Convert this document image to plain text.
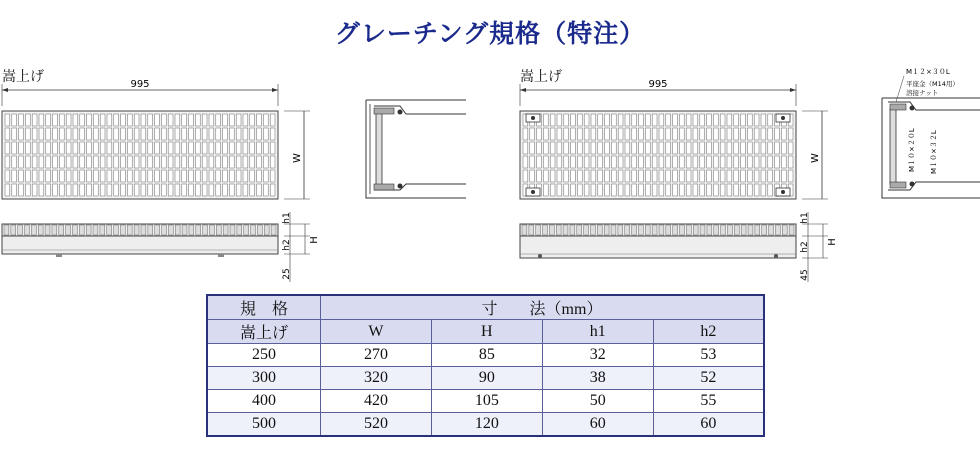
グレーチング規格（特注）
嵩上げ	995
W
h1
h2 H
25
嵩上げ	995
W
h1
h2 H
45
M１２×３０L
平座金（M14用）
溶接ナット
M１０×２０L M１０×３２L
規　格	寸　　法（mm）			
嵩上げ	W	H	h1	h2
250	270	85	32	53
300	320	90	38	52
400	420	105	50	55
500	520	120	60	60
